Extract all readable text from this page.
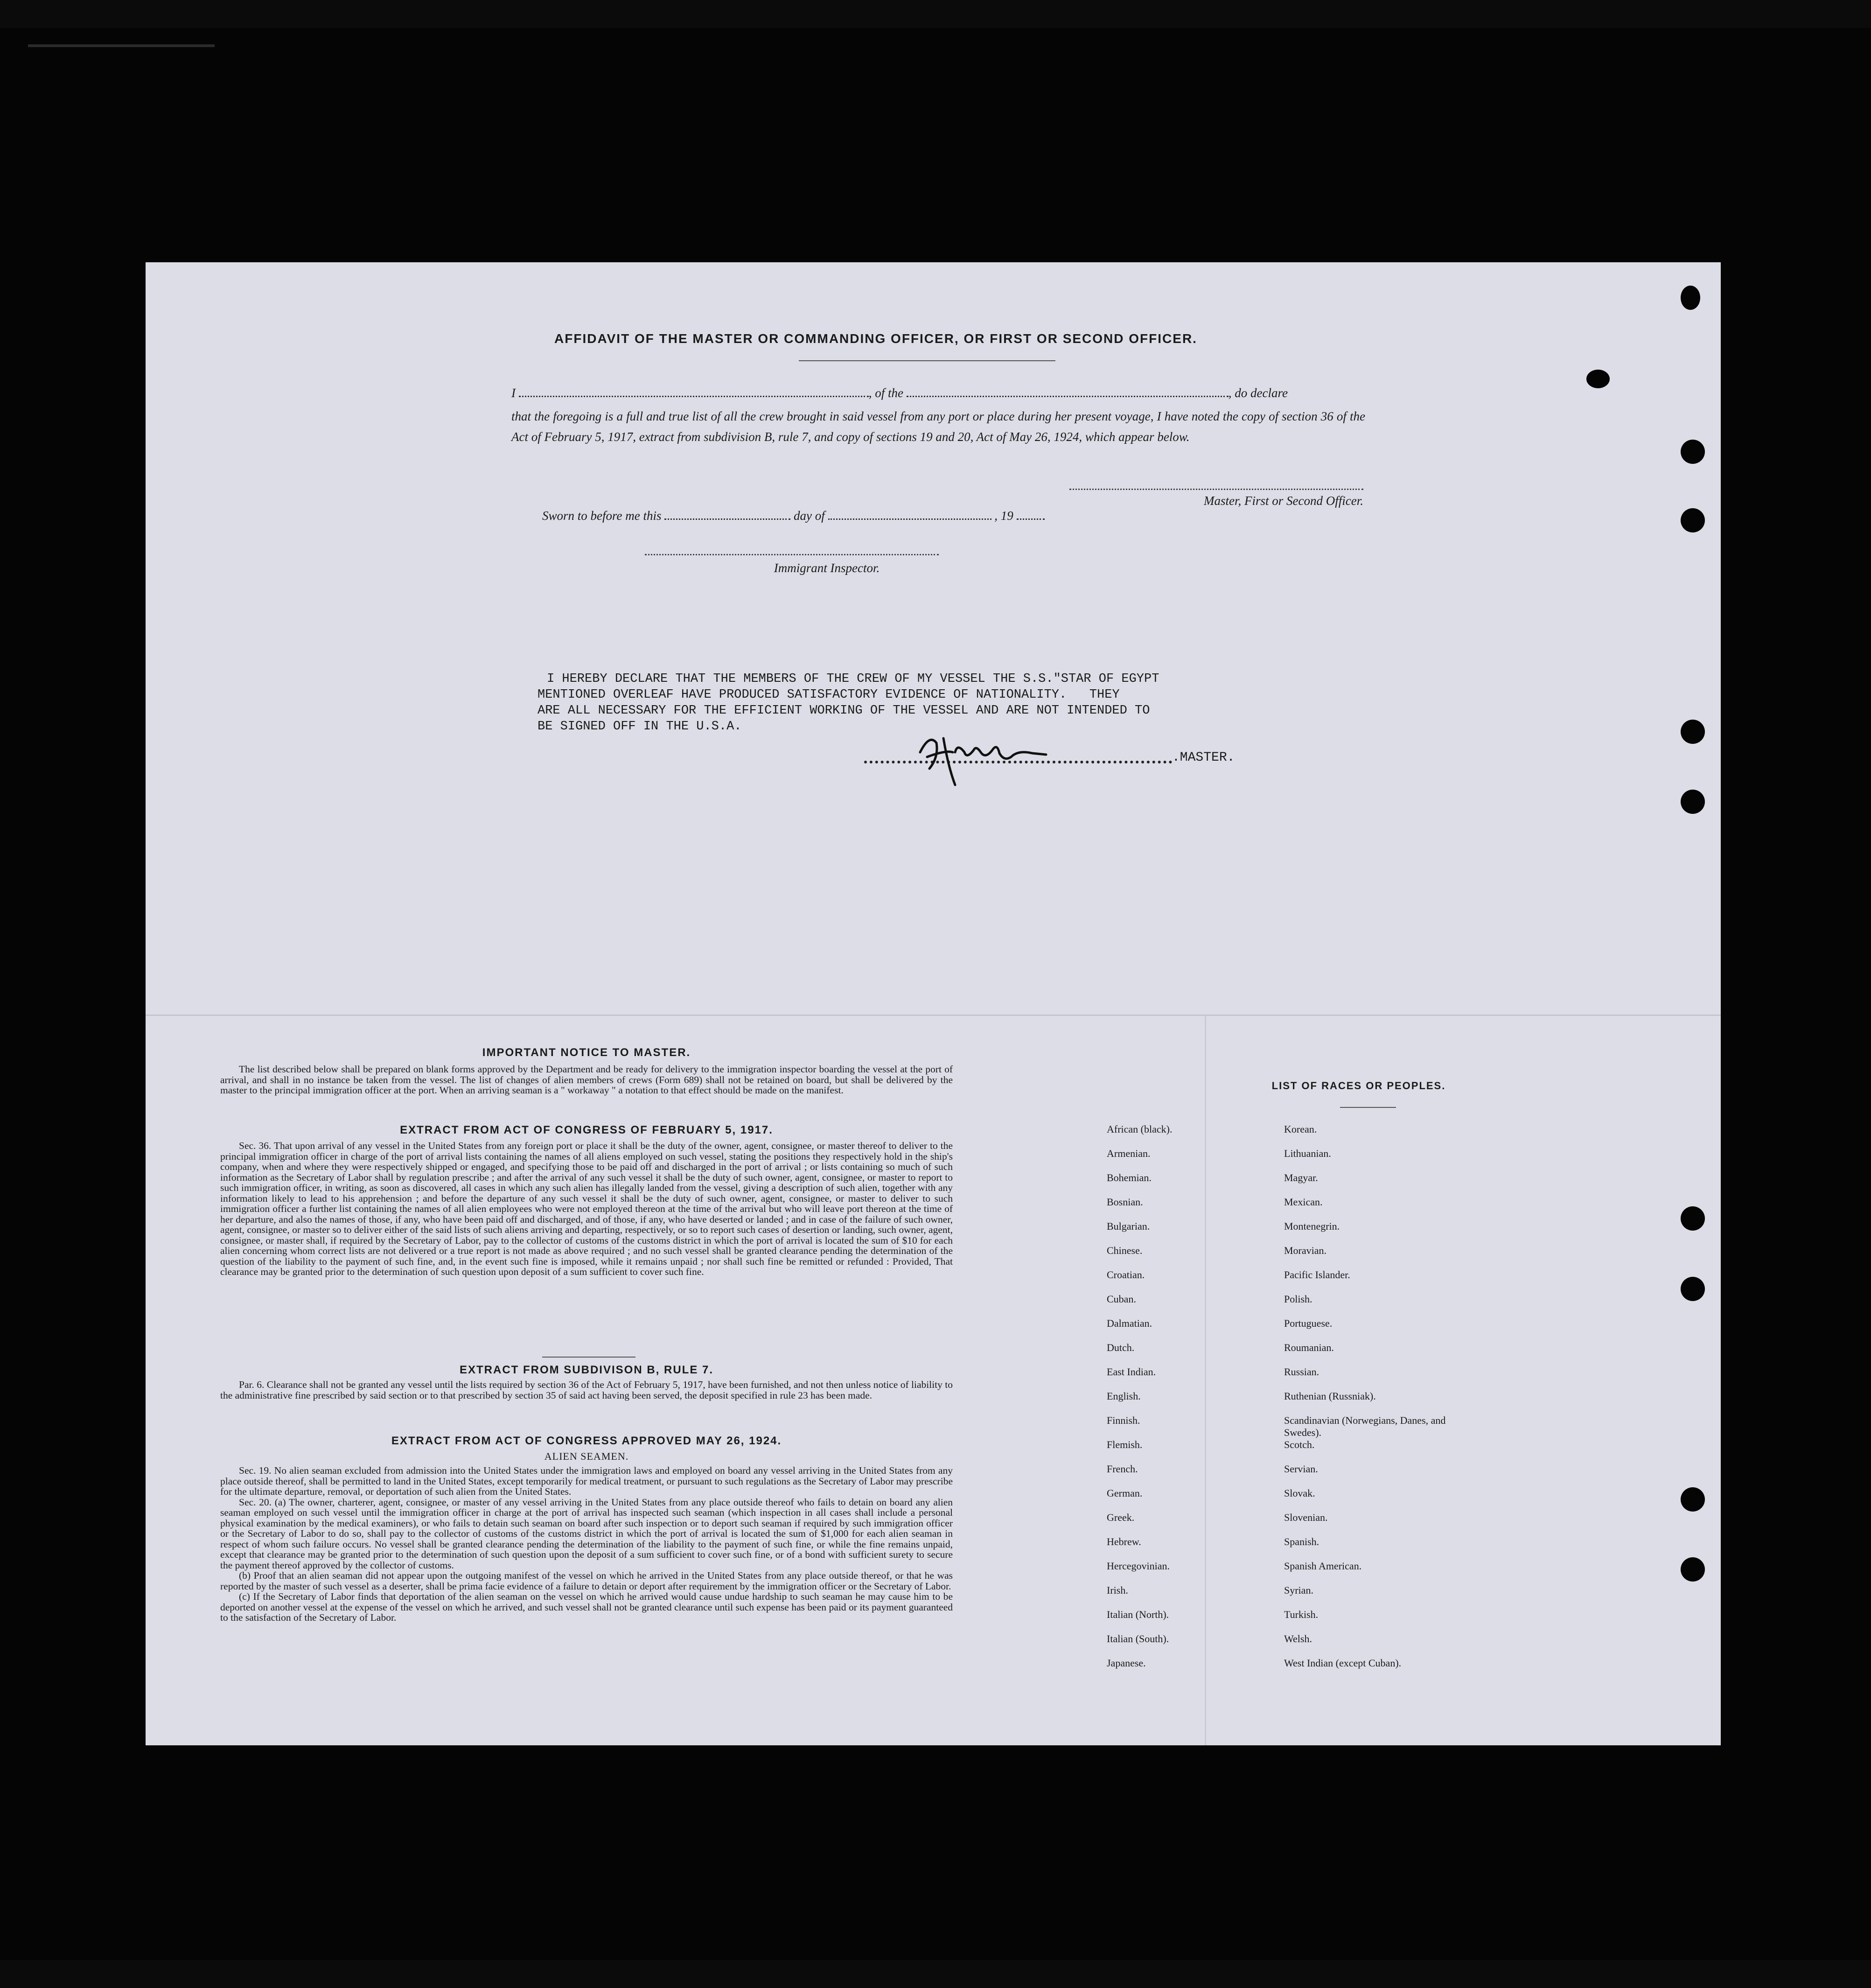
AFFIDAVIT OF THE MASTER OR COMMANDING OFFICER, OR FIRST OR SECOND OFFICER.
I	, of the	, do declare
that the foregoing is a full and true list of all the crew brought in said vessel from any port or place during her present voyage, I have noted the copy of section 36 of the Act of February 5, 1917, extract from subdivision B, rule 7, and copy of sections 19 and 20, Act of May 26, 1924, which appear below.
Master, First or Second Officer.
Sworn to before me this	day of	, 19
Immigrant Inspector.

I HEREBY DECLARE THAT THE MEMBERS OF THE CREW OF MY VESSEL THE S.S."STAR OF EGYPT
MENTIONED OVERLEAF HAVE PRODUCED SATISFACTORY EVIDENCE OF NATIONALITY.   THEY
ARE ALL NECESSARY FOR THE EFFICIENT WORKING OF THE VESSEL AND ARE NOT INTENDED TO
BE SIGNED OFF IN THE U.S.A.

.MASTER.
IMPORTANT NOTICE TO MASTER.
The list described below shall be prepared on blank forms approved by the Department and be ready for delivery to the immigration inspector boarding the vessel at the port of arrival, and shall in no instance be taken from the vessel. The list of changes of alien members of crews (Form 689) shall not be retained on board, but shall be delivered by the master to the principal immigration officer at the port. When an arriving seaman is a " workaway " a notation to that effect should be made on the manifest.
EXTRACT FROM ACT OF CONGRESS OF FEBRUARY 5, 1917.
Sec. 36. That upon arrival of any vessel in the United States from any foreign port or place it shall be the duty of the owner, agent, consignee, or master thereof to deliver to the principal immigration officer in charge of the port of arrival lists containing the names of all aliens employed on such vessel, stating the positions they respectively hold in the ship's company, when and where they were respectively shipped or engaged, and specifying those to be paid off and discharged in the port of arrival ; or lists containing so much of such information as the Secretary of Labor shall by regulation prescribe ; and after the arrival of any such vessel it shall be the duty of such owner, agent, consignee, or master to report to such immigration officer, in writing, as soon as discovered, all cases in which any such alien has illegally landed from the vessel, giving a description of such alien, together with any information likely to lead to his apprehension ; and before the departure of any such vessel it shall be the duty of such owner, agent, consignee, or master to deliver to such immigration officer a further list containing the names of all alien employees who were not employed thereon at the time of the arrival but who will leave port thereon at the time of her departure, and also the names of those, if any, who have been paid off and discharged, and of those, if any, who have deserted or landed ; and in case of the failure of such owner, agent, consignee, or master so to deliver either of the said lists of such aliens arriving and departing, respectively, or so to report such cases of desertion or landing, such owner, agent, consignee, or master shall, if required by the Secretary of Labor, pay to the collector of customs of the customs district in which the port of arrival is located the sum of $10 for each alien concerning whom correct lists are not delivered or a true report is not made as above required ; and no such vessel shall be granted clearance pending the determination of the question of the liability to the payment of such fine, and, in the event such fine is imposed, while it remains unpaid ; nor shall such fine be remitted or refunded : Provided, That clearance may be granted prior to the determination of such question upon deposit of a sum sufficient to cover such fine.
EXTRACT FROM SUBDIVISON B, RULE 7.
Par. 6. Clearance shall not be granted any vessel until the lists required by section 36 of the Act of February 5, 1917, have been furnished, and not then unless notice of liability to the administrative fine prescribed by said section or to that prescribed by section 35 of said act having been served, the deposit specified in rule 23 has been made.
EXTRACT FROM ACT OF CONGRESS APPROVED MAY 26, 1924.
ALIEN SEAMEN.
Sec. 19. No alien seaman excluded from admission into the United States under the immigration laws and employed on board any vessel arriving in the United States from any place outside thereof, shall be permitted to land in the United States, except temporarily for medical treatment, or pursuant to such regulations as the Secretary of Labor may prescribe for the ultimate departure, removal, or deportation of such alien from the United States.
Sec. 20. (a) The owner, charterer, agent, consignee, or master of any vessel arriving in the United States from any place outside thereof who fails to detain on board any alien seaman employed on such vessel until the immigration officer in charge at the port of arrival has inspected such seaman (which inspection in all cases shall include a personal physical examination by the medical examiners), or who fails to detain such seaman on board after such inspection or to deport such seaman if required by such immigration officer or the Secretary of Labor to do so, shall pay to the collector of customs of the customs district in which the port of arrival is located the sum of $1,000 for each alien seaman in respect of whom such failure occurs. No vessel shall be granted clearance pending the determination of the liability to the payment of such fine, or while the fine remains unpaid, except that clearance may be granted prior to the determination of such question upon the deposit of a sum sufficient to cover such fine, or of a bond with sufficient surety to secure the payment thereof approved by the collector of customs.
(b) Proof that an alien seaman did not appear upon the outgoing manifest of the vessel on which he arrived in the United States from any place outside thereof, or that he was reported by the master of such vessel as a deserter, shall be prima facie evidence of a failure to detain or deport after requirement by the immigration officer or the Secretary of Labor.
(c) If the Secretary of Labor finds that deportation of the alien seaman on the vessel on which he arrived would cause undue hardship to such seaman he may cause him to be deported on another vessel at the expense of the vessel on which he arrived, and such vessel shall not be granted clearance until such expense has been paid or its payment guaranteed to the satisfaction of the Secretary of Labor.
LIST OF RACES OR PEOPLES.
African (black).	Korean.
Armenian.	Lithuanian.
Bohemian.	Magyar.
Bosnian.	Mexican.
Bulgarian.	Montenegrin.
Chinese.	Moravian.
Croatian.	Pacific Islander.
Cuban.	Polish.
Dalmatian.	Portuguese.
Dutch.	Roumanian.
East Indian.	Russian.
English.	Ruthenian (Russniak).
Finnish.	Scandinavian (Norwegians, Danes, and Swedes).
Flemish.	Scotch.
French.	Servian.
German.	Slovak.
Greek.	Slovenian.
Hebrew.	Spanish.
Hercegovinian.	Spanish American.
Irish.	Syrian.
Italian (North).	Turkish.
Italian (South).	Welsh.
Japanese.	West Indian (except Cuban).
